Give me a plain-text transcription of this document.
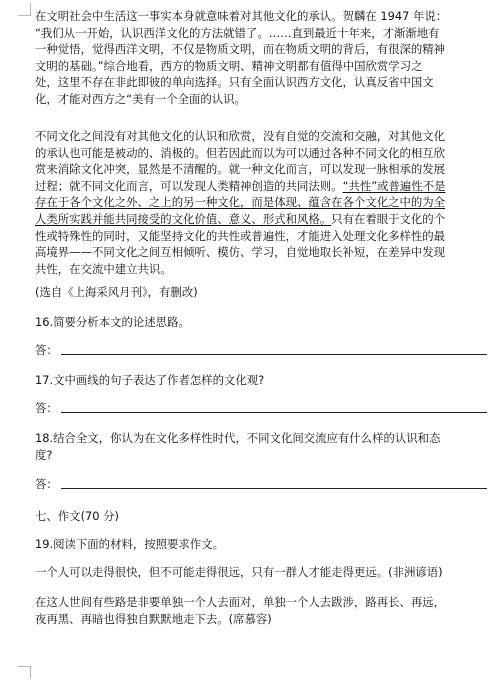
在文明社会中生活这一事实本身就意味着对其他文化的承认。贺麟在 1947 年说：
“我们从一开始，认识西洋文化的方法就错了。……直到最近十年来，才渐渐地有
一种觉悟，觉得西洋文明，不仅是物质文明，而在物质文明的背后，有很深的精神
文明的基础。”综合地看，西方的物质文明、精神文明都有值得中国欣赏学习之
处，这里不存在非此即彼的单向选择。只有全面认识西方文化，认真反省中国文
化，才能对西方之“美有一个全面的认识。

不同文化之间没有对其他文化的认识和欣赏，没有自觉的交流和交融，对其他文化
的承认也可能是被动的、消极的。但若因此而以为可以通过各种不同文化的相互欣
赏来消除文化冲突，显然是不清醒的。就一种文化而言，可以发现一脉相承的发展
过程；就不同文化而言，可以发现人类精神创造的共同法则。“共性”或普遍性不是
存在于各个文化之外、之上的另一种文化，而是体现、蕴含在各个文化之中的为全
人类所实践并能共同接受的文化价值、意义、形式和风格。只有在着眼于文化的个
性或特殊性的同时，又能坚持文化的共性或普遍性，才能进入处理文化多样性的最
高境界——不同文化之间互相倾听、模仿、学习，自觉地取长补短，在差异中发现
共性，在交流中建立共识。

(选自《上海采风月刊》，有删改)

16.简要分析本文的论述思路。

答：

17.文中画线的句子表达了作者怎样的文化观?

答：

18.结合全文，你认为在文化多样性时代，不同文化间交流应有什么样的认识和态
度?

答：

七、作文(70 分)

19.阅读下面的材料，按照要求作文。

一个人可以走得很快，但不可能走得很远，只有一群人才能走得更远。(非洲谚语)

在这人世间有些路是非要单独一个人去面对，单独一个人去跋涉，路再长、再远，
夜再黑、再暗也得独自默默地走下去。(席慕容)
